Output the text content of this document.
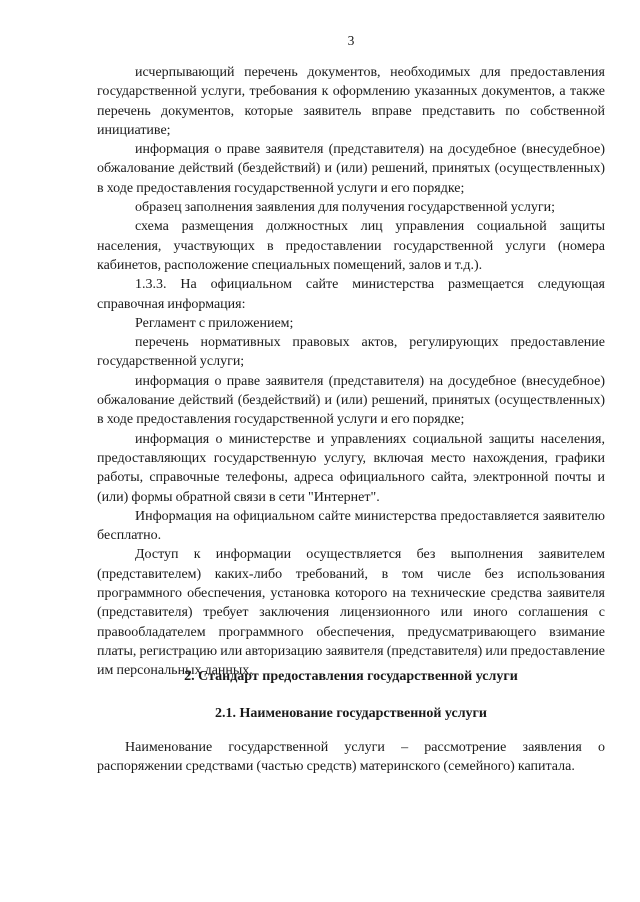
3

исчерпывающий перечень документов, необходимых для предоставления государственной услуги, требования к оформлению указанных документов, а также перечень документов, которые заявитель вправе представить по собственной инициативе;

информация о праве заявителя (представителя) на досудебное (внесудебное) обжалование действий (бездействий) и (или) решений, принятых (осуществленных) в ходе предоставления государственной услуги и его порядке;

образец заполнения заявления для получения государственной услуги;

схема размещения должностных лиц управления социальной защиты населения, участвующих в предоставлении государственной услуги (номера кабинетов, расположение специальных помещений, залов и т.д.).

1.3.3. На официальном сайте министерства размещается следующая справочная информация:

Регламент с приложением;

перечень нормативных правовых актов, регулирующих предоставление государственной услуги;

информация о праве заявителя (представителя) на досудебное (внесудебное) обжалование действий (бездействий) и (или) решений, принятых (осуществленных) в ходе предоставления государственной услуги и его порядке;

информация о министерстве и управлениях социальной защиты населения, предоставляющих государственную услугу, включая место нахождения, графики работы, справочные телефоны, адреса официального сайта, электронной почты и (или) формы обратной связи в сети "Интернет".

Информация на официальном сайте министерства предоставляется заявителю бесплатно.

Доступ к информации осуществляется без выполнения заявителем (представителем) каких-либо требований, в том числе без использования программного обеспечения, установка которого на технические средства заявителя (представителя) требует заключения лицензионного или иного соглашения с правообладателем программного обеспечения, предусматривающего взимание платы, регистрацию или авторизацию заявителя (представителя) или предоставление им персональных данных.

2. Стандарт предоставления государственной услуги
2.1. Наименование государственной услуги

Наименование государственной услуги – рассмотрение заявления о распоряжении средствами (частью средств) материнского (семейного) капитала.
